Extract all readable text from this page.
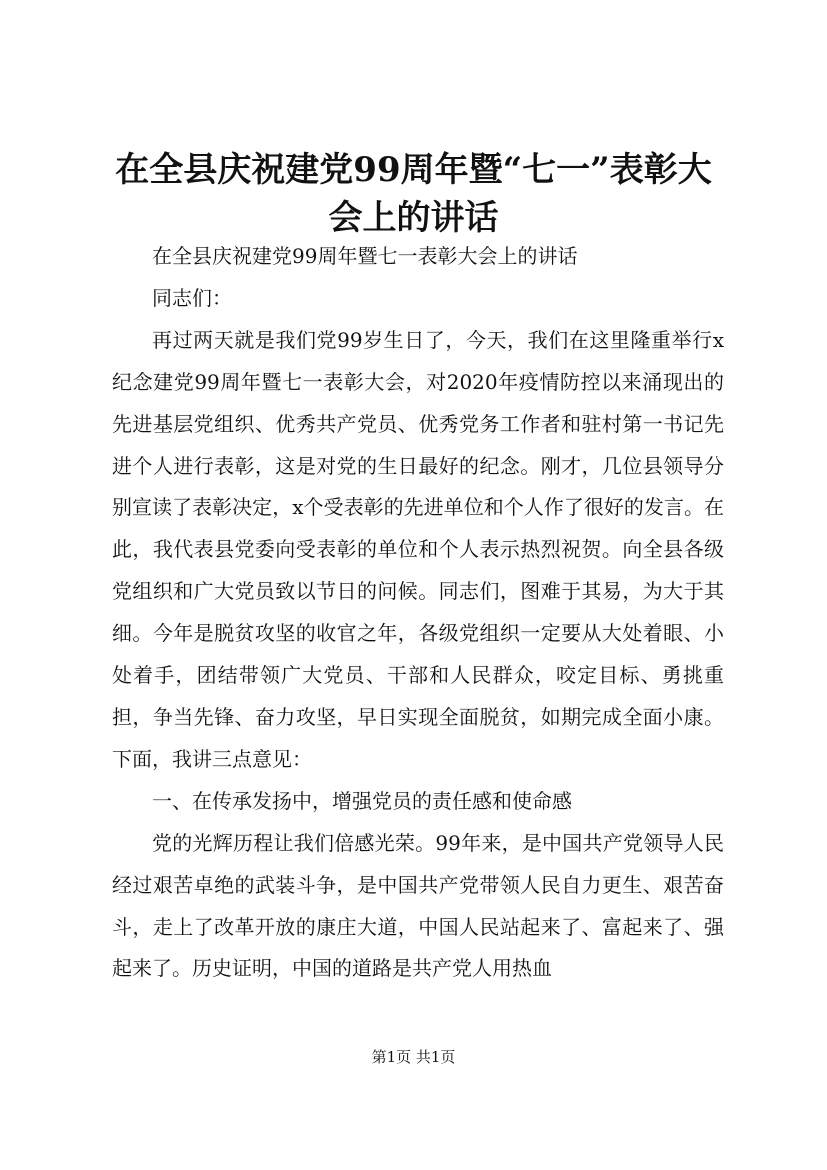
在全县庆祝建党99周年暨“七一”表彰大会上的讲话

在全县庆祝建党99周年暨七一表彰大会上的讲话

同志们：

再过两天就是我们党99岁生日了，今天，我们在这里隆重举行x纪念建党99周年暨七一表彰大会，对2020年疫情防控以来涌现出的先进基层党组织、优秀共产党员、优秀党务工作者和驻村第一书记先进个人进行表彰，这是对党的生日最好的纪念。刚才，几位县领导分别宣读了表彰决定，x个受表彰的先进单位和个人作了很好的发言。在此，我代表县党委向受表彰的单位和个人表示热烈祝贺。向全县各级党组织和广大党员致以节日的问候。同志们，图难于其易，为大于其细。今年是脱贫攻坚的收官之年，各级党组织一定要从大处着眼、小处着手，团结带领广大党员、干部和人民群众，咬定目标、勇挑重担，争当先锋、奋力攻坚，早日实现全面脱贫，如期完成全面小康。下面，我讲三点意见：

一、在传承发扬中，增强党员的责任感和使命感

党的光辉历程让我们倍感光荣。99年来，是中国共产党领导人民经过艰苦卓绝的武装斗争，是中国共产党带领人民自力更生、艰苦奋斗，走上了改革开放的康庄大道，中国人民站起来了、富起来了、强起来了。历史证明，中国的道路是共产党人用热血

第1页 共1页
